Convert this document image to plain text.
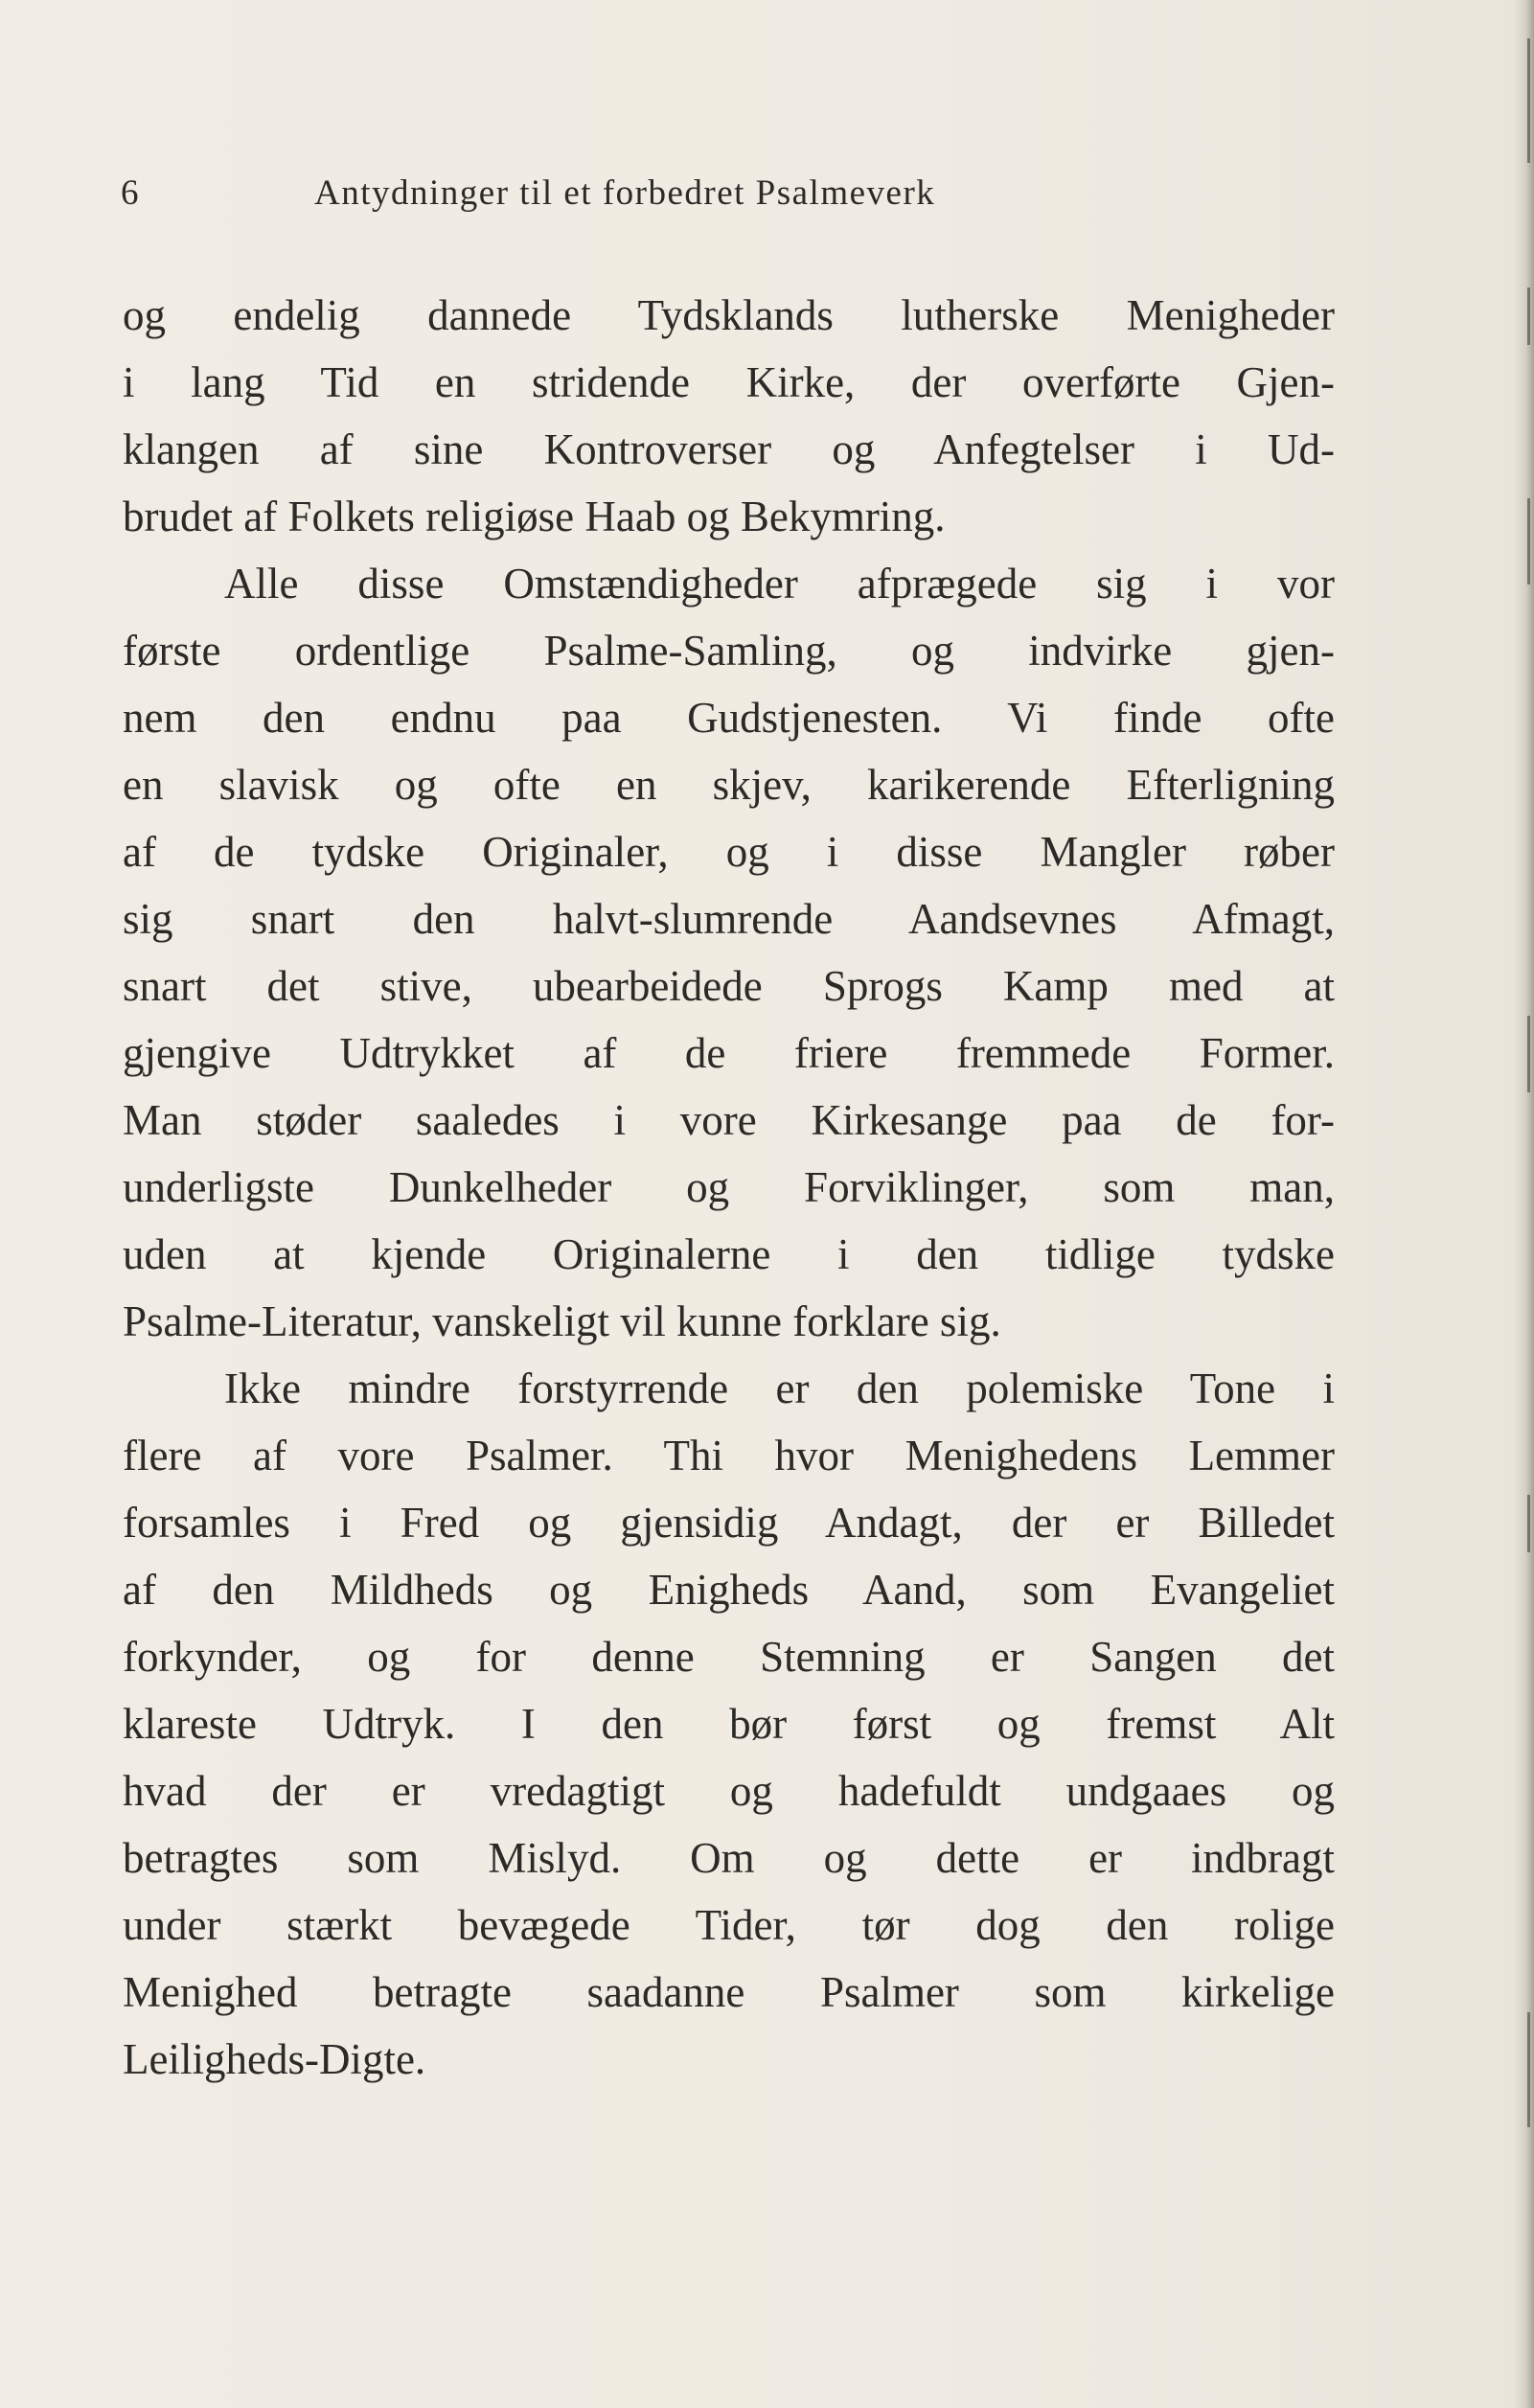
6	Antydninger til et forbedret Psalmeverk
og endelig dannede Tydsklands lutherske Menigheder
i lang Tid en stridende Kirke, der overførte Gjen-
klangen af sine Kontroverser og Anfegtelser i Ud-
brudet af Folkets religiøse Haab og Bekymring.
Alle disse Omstændigheder afprægede sig i vor
første ordentlige Psalme-Samling, og indvirke gjen-
nem den endnu paa Gudstjenesten. Vi finde ofte
en slavisk og ofte en skjev, karikerende Efterligning
af de tydske Originaler, og i disse Mangler røber
sig snart den halvt-slumrende Aandsevnes Afmagt,
snart det stive, ubearbeidede Sprogs Kamp med at
gjengive Udtrykket af de friere fremmede Former.
Man støder saaledes i vore Kirkesange paa de for-
underligste Dunkelheder og Forviklinger, som man,
uden at kjende Originalerne i den tidlige tydske
Psalme-Literatur, vanskeligt vil kunne forklare sig.
Ikke mindre forstyrrende er den polemiske Tone i
flere af vore Psalmer. Thi hvor Menighedens Lemmer
forsamles i Fred og gjensidig Andagt, der er Billedet
af den Mildheds og Enigheds Aand, som Evangeliet
forkynder, og for denne Stemning er Sangen det
klareste Udtryk. I den bør først og fremst Alt
hvad der er vredagtigt og hadefuldt undgaaes og
betragtes som Mislyd. Om og dette er indbragt
under stærkt bevægede Tider, tør dog den rolige
Menighed betragte saadanne Psalmer som kirkelige
Leiligheds-Digte.
